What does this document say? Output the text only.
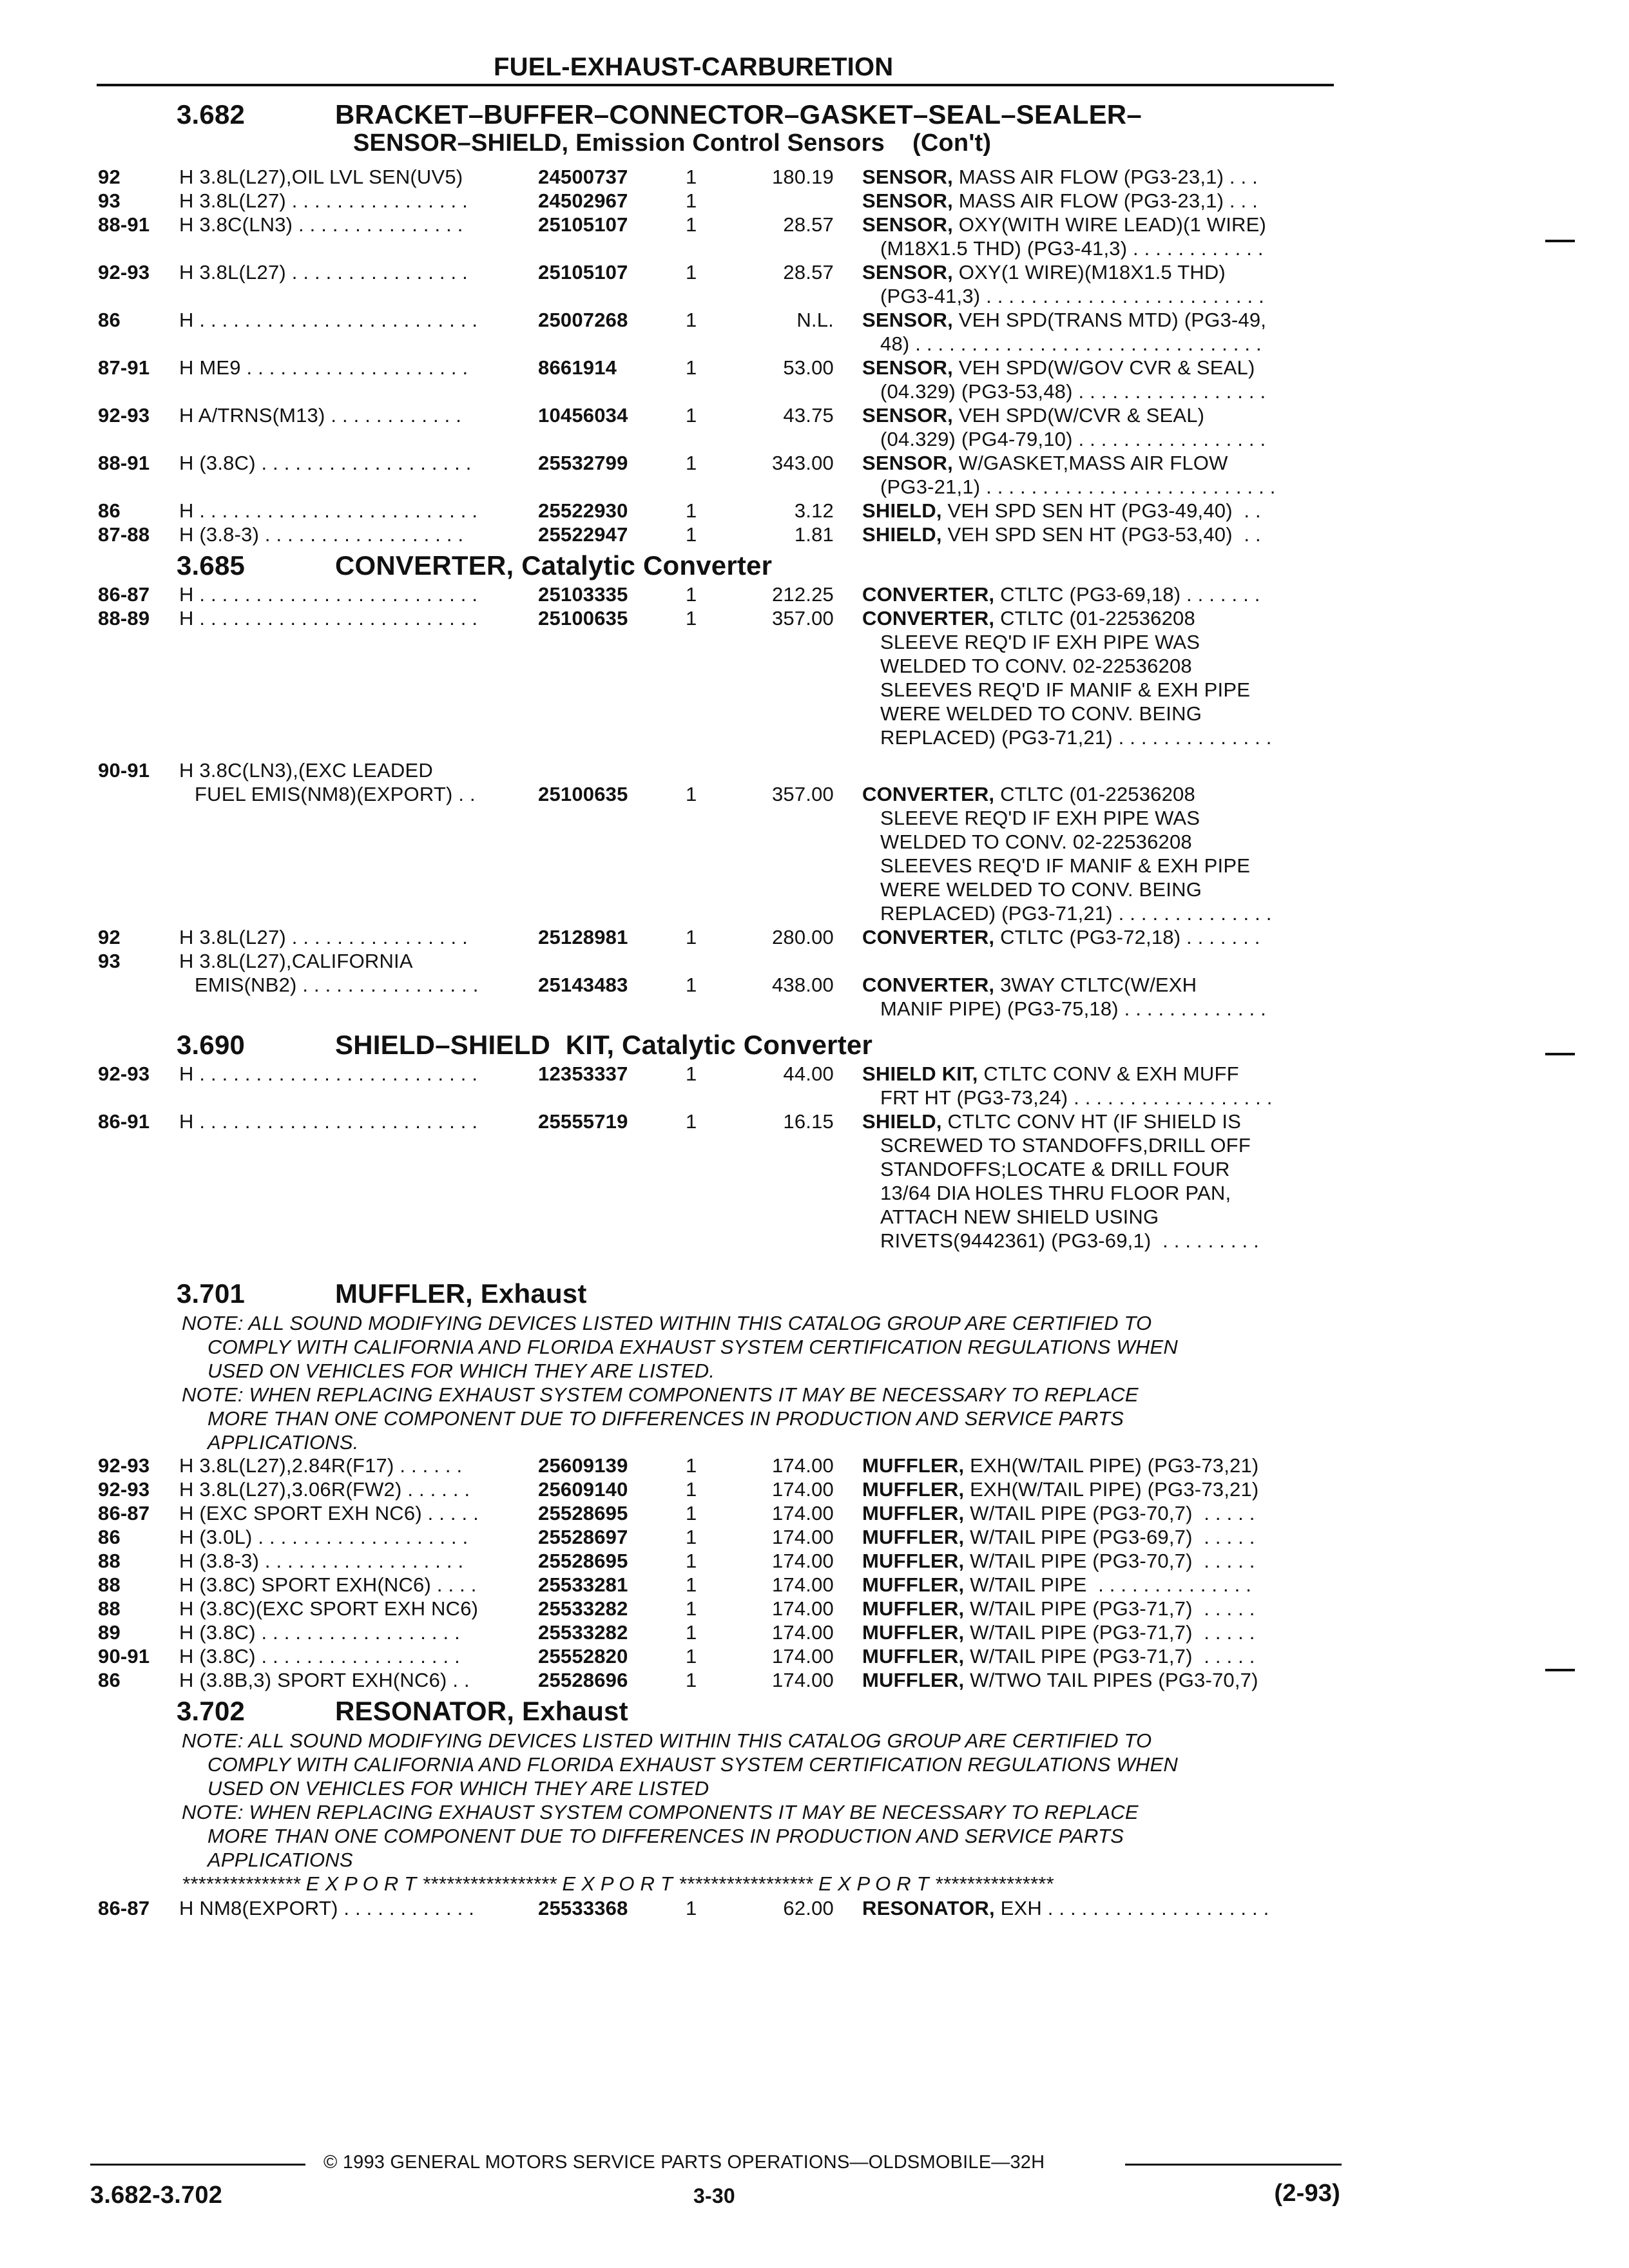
FUEL-EXHAUST-CARBURETION
3.682	BRACKET–BUFFER–CONNECTOR–GASKET–SEAL–SEALER–
SENSOR–SHIELD, Emission Control Sensors    (Con't)
92	H 3.8L(L27),OIL LVL SEN(UV5)	24500737	1	180.19 SENSOR, MASS AIR FLOW (PG3-23,1) . . .
93	H 3.8L(L27) . . . . . . . . . . . . . . . .	24502967	1	SENSOR, MASS AIR FLOW (PG3-23,1) . . .
88-91 H 3.8C(LN3) . . . . . . . . . . . . . . .	25105107	1	28.57 SENSOR, OXY(WITH WIRE LEAD)(1 WIRE)
(M18X1.5 THD) (PG3-41,3) . . . . . . . . . . . .
92-93 H 3.8L(L27) . . . . . . . . . . . . . . . .	25105107	1	28.57 SENSOR, OXY(1 WIRE)(M18X1.5 THD)
(PG3-41,3) . . . . . . . . . . . . . . . . . . . . . . . . .
86	H . . . . . . . . . . . . . . . . . . . . . . . . .	25007268	1	N.L. SENSOR, VEH SPD(TRANS MTD) (PG3-49,
48) . . . . . . . . . . . . . . . . . . . . . . . . . . . . . . .
87-91 H ME9 . . . . . . . . . . . . . . . . . . . .	8661914	1	53.00 SENSOR, VEH SPD(W/GOV CVR & SEAL)
(04.329) (PG3-53,48) . . . . . . . . . . . . . . . . .
92-93 H A/TRNS(M13) . . . . . . . . . . . .	10456034	1	43.75 SENSOR, VEH SPD(W/CVR & SEAL)
(04.329) (PG4-79,10) . . . . . . . . . . . . . . . . .
88-91 H (3.8C) . . . . . . . . . . . . . . . . . . .	25532799	1	343.00 SENSOR, W/GASKET,MASS AIR FLOW
(PG3-21,1) . . . . . . . . . . . . . . . . . . . . . . . . . .
86	H . . . . . . . . . . . . . . . . . . . . . . . . .	25522930	1	3.12 SHIELD, VEH SPD SEN HT (PG3-49,40)  . .
87-88 H (3.8-3) . . . . . . . . . . . . . . . . . .	25522947	1	1.81 SHIELD, VEH SPD SEN HT (PG3-53,40)  . .
3.685	CONVERTER, Catalytic Converter
86-87 H . . . . . . . . . . . . . . . . . . . . . . . . .	25103335	1	212.25 CONVERTER, CTLTC (PG3-69,18) . . . . . . .
88-89 H . . . . . . . . . . . . . . . . . . . . . . . . .	25100635	1	357.00 CONVERTER, CTLTC (01-22536208
SLEEVE REQ'D IF EXH PIPE WAS
WELDED TO CONV. 02-22536208
SLEEVES REQ'D IF MANIF & EXH PIPE
WERE WELDED TO CONV. BEING
REPLACED) (PG3-71,21) . . . . . . . . . . . . . .
90-91 H 3.8C(LN3),(EXC LEADED
FUEL EMIS(NM8)(EXPORT) . .	25100635	1	357.00 CONVERTER, CTLTC (01-22536208
SLEEVE REQ'D IF EXH PIPE WAS
WELDED TO CONV. 02-22536208
SLEEVES REQ'D IF MANIF & EXH PIPE
WERE WELDED TO CONV. BEING
REPLACED) (PG3-71,21) . . . . . . . . . . . . . .
92	H 3.8L(L27) . . . . . . . . . . . . . . . .	25128981	1	280.00 CONVERTER, CTLTC (PG3-72,18) . . . . . . .
93	H 3.8L(L27),CALIFORNIA
EMIS(NB2) . . . . . . . . . . . . . . . .	25143483	1	438.00 CONVERTER, 3WAY CTLTC(W/EXH
MANIF PIPE) (PG3-75,18) . . . . . . . . . . . . .
3.690	SHIELD–SHIELD  KIT, Catalytic Converter
92-93 H . . . . . . . . . . . . . . . . . . . . . . . . .	12353337	1	44.00 SHIELD KIT, CTLTC CONV & EXH MUFF
FRT HT (PG3-73,24) . . . . . . . . . . . . . . . . . .
86-91 H . . . . . . . . . . . . . . . . . . . . . . . . .	25555719	1	16.15 SHIELD, CTLTC CONV HT (IF SHIELD IS
SCREWED TO STANDOFFS,DRILL OFF
STANDOFFS;LOCATE & DRILL FOUR
13/64 DIA HOLES THRU FLOOR PAN,
ATTACH NEW SHIELD USING
RIVETS(9442361) (PG3-69,1)  . . . . . . . . .
3.701	MUFFLER, Exhaust
NOTE: ALL SOUND MODIFYING DEVICES LISTED WITHIN THIS CATALOG GROUP ARE CERTIFIED TO
COMPLY WITH CALIFORNIA AND FLORIDA EXHAUST SYSTEM CERTIFICATION REGULATIONS WHEN
USED ON VEHICLES FOR WHICH THEY ARE LISTED.
NOTE: WHEN REPLACING EXHAUST SYSTEM COMPONENTS IT MAY BE NECESSARY TO REPLACE
MORE THAN ONE COMPONENT DUE TO DIFFERENCES IN PRODUCTION AND SERVICE PARTS
APPLICATIONS.
92-93 H 3.8L(L27),2.84R(F17) . . . . . .	25609139	1	174.00 MUFFLER, EXH(W/TAIL PIPE) (PG3-73,21)
92-93 H 3.8L(L27),3.06R(FW2) . . . . . .	25609140	1	174.00 MUFFLER, EXH(W/TAIL PIPE) (PG3-73,21)
86-87 H (EXC SPORT EXH NC6) . . . . .	25528695	1	174.00 MUFFLER, W/TAIL PIPE (PG3-70,7)  . . . . .
86	H (3.0L) . . . . . . . . . . . . . . . . . . .	25528697	1	174.00 MUFFLER, W/TAIL PIPE (PG3-69,7)  . . . . .
88	H (3.8-3) . . . . . . . . . . . . . . . . . .	25528695	1	174.00 MUFFLER, W/TAIL PIPE (PG3-70,7)  . . . . .
88	H (3.8C) SPORT EXH(NC6) . . . .	25533281	1	174.00 MUFFLER, W/TAIL PIPE  . . . . . . . . . . . . . .
88	H (3.8C)(EXC SPORT EXH NC6)	25533282	1	174.00 MUFFLER, W/TAIL PIPE (PG3-71,7)  . . . . .
89	H (3.8C) . . . . . . . . . . . . . . . . . .	25533282	1	174.00 MUFFLER, W/TAIL PIPE (PG3-71,7)  . . . . .
90-91 H (3.8C) . . . . . . . . . . . . . . . . . .	25552820	1	174.00 MUFFLER, W/TAIL PIPE (PG3-71,7)  . . . . .
86	H (3.8B,3) SPORT EXH(NC6) . .	25528696	1	174.00 MUFFLER, W/TWO TAIL PIPES (PG3-70,7)
3.702	RESONATOR, Exhaust
NOTE: ALL SOUND MODIFYING DEVICES LISTED WITHIN THIS CATALOG GROUP ARE CERTIFIED TO
COMPLY WITH CALIFORNIA AND FLORIDA EXHAUST SYSTEM CERTIFICATION REGULATIONS WHEN
USED ON VEHICLES FOR WHICH THEY ARE LISTED
NOTE: WHEN REPLACING EXHAUST SYSTEM COMPONENTS IT MAY BE NECESSARY TO REPLACE
MORE THAN ONE COMPONENT DUE TO DIFFERENCES IN PRODUCTION AND SERVICE PARTS
APPLICATIONS
*************** E X P O R T ***************** E X P O R T ***************** E X P O R T ***************
86-87 H NM8(EXPORT) . . . . . . . . . . . .	25533368	1	62.00 RESONATOR, EXH . . . . . . . . . . . . . . . . . . . .
© 1993 GENERAL MOTORS SERVICE PARTS OPERATIONS—OLDSMOBILE—32H
3.682-3.702	3-30	(2-93)
